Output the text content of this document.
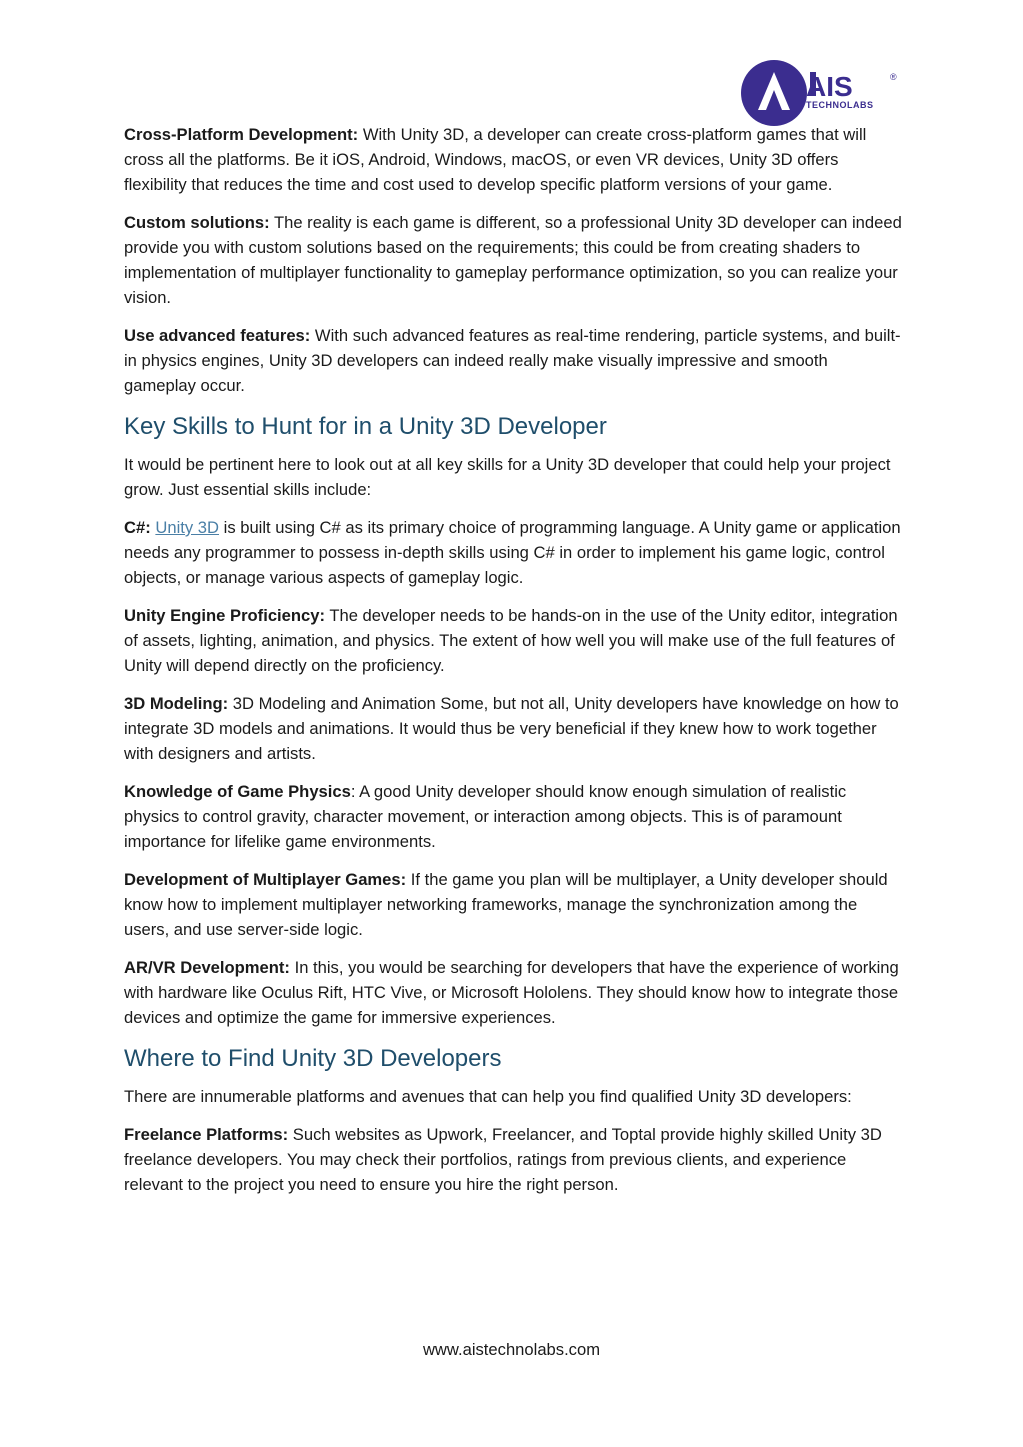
AIS	®
TECHNOLABS

Cross-Platform Development: With Unity 3D, a developer can create cross-platform games that will cross all the platforms. Be it iOS, Android, Windows, macOS, or even VR devices, Unity 3D offers flexibility that reduces the time and cost used to develop specific platform versions of your game.

Custom solutions: The reality is each game is different, so a professional Unity 3D developer can indeed provide you with custom solutions based on the requirements; this could be from creating shaders to implementation of multiplayer functionality to gameplay performance optimization, so you can realize your vision.

Use advanced features: With such advanced features as real-time rendering, particle systems, and built-in physics engines, Unity 3D developers can indeed really make visually impressive and smooth gameplay occur.

Key Skills to Hunt for in a Unity 3D Developer

It would be pertinent here to look out at all key skills for a Unity 3D developer that could help your project grow. Just essential skills include:

C#: Unity 3D is built using C# as its primary choice of programming language. A Unity game or application needs any programmer to possess in-depth skills using C# in order to implement his game logic, control objects, or manage various aspects of gameplay logic.

Unity Engine Proficiency: The developer needs to be hands-on in the use of the Unity editor, integration of assets, lighting, animation, and physics. The extent of how well you will make use of the full features of Unity will depend directly on the proficiency.

3D Modeling: 3D Modeling and Animation Some, but not all, Unity developers have knowledge on how to integrate 3D models and animations. It would thus be very beneficial if they knew how to work together with designers and artists.

Knowledge of Game Physics: A good Unity developer should know enough simulation of realistic physics to control gravity, character movement, or interaction among objects. This is of paramount importance for lifelike game environments.

Development of Multiplayer Games: If the game you plan will be multiplayer, a Unity developer should know how to implement multiplayer networking frameworks, manage the synchronization among the users, and use server-side logic.

AR/VR Development: In this, you would be searching for developers that have the experience of working with hardware like Oculus Rift, HTC Vive, or Microsoft Hololens. They should know how to integrate those devices and optimize the game for immersive experiences.

Where to Find Unity 3D Developers

There are innumerable platforms and avenues that can help you find qualified Unity 3D developers:

Freelance Platforms: Such websites as Upwork, Freelancer, and Toptal provide highly skilled Unity 3D freelance developers. You may check their portfolios, ratings from previous clients, and experience relevant to the project you need to ensure you hire the right person.

www.aistechnolabs.com
